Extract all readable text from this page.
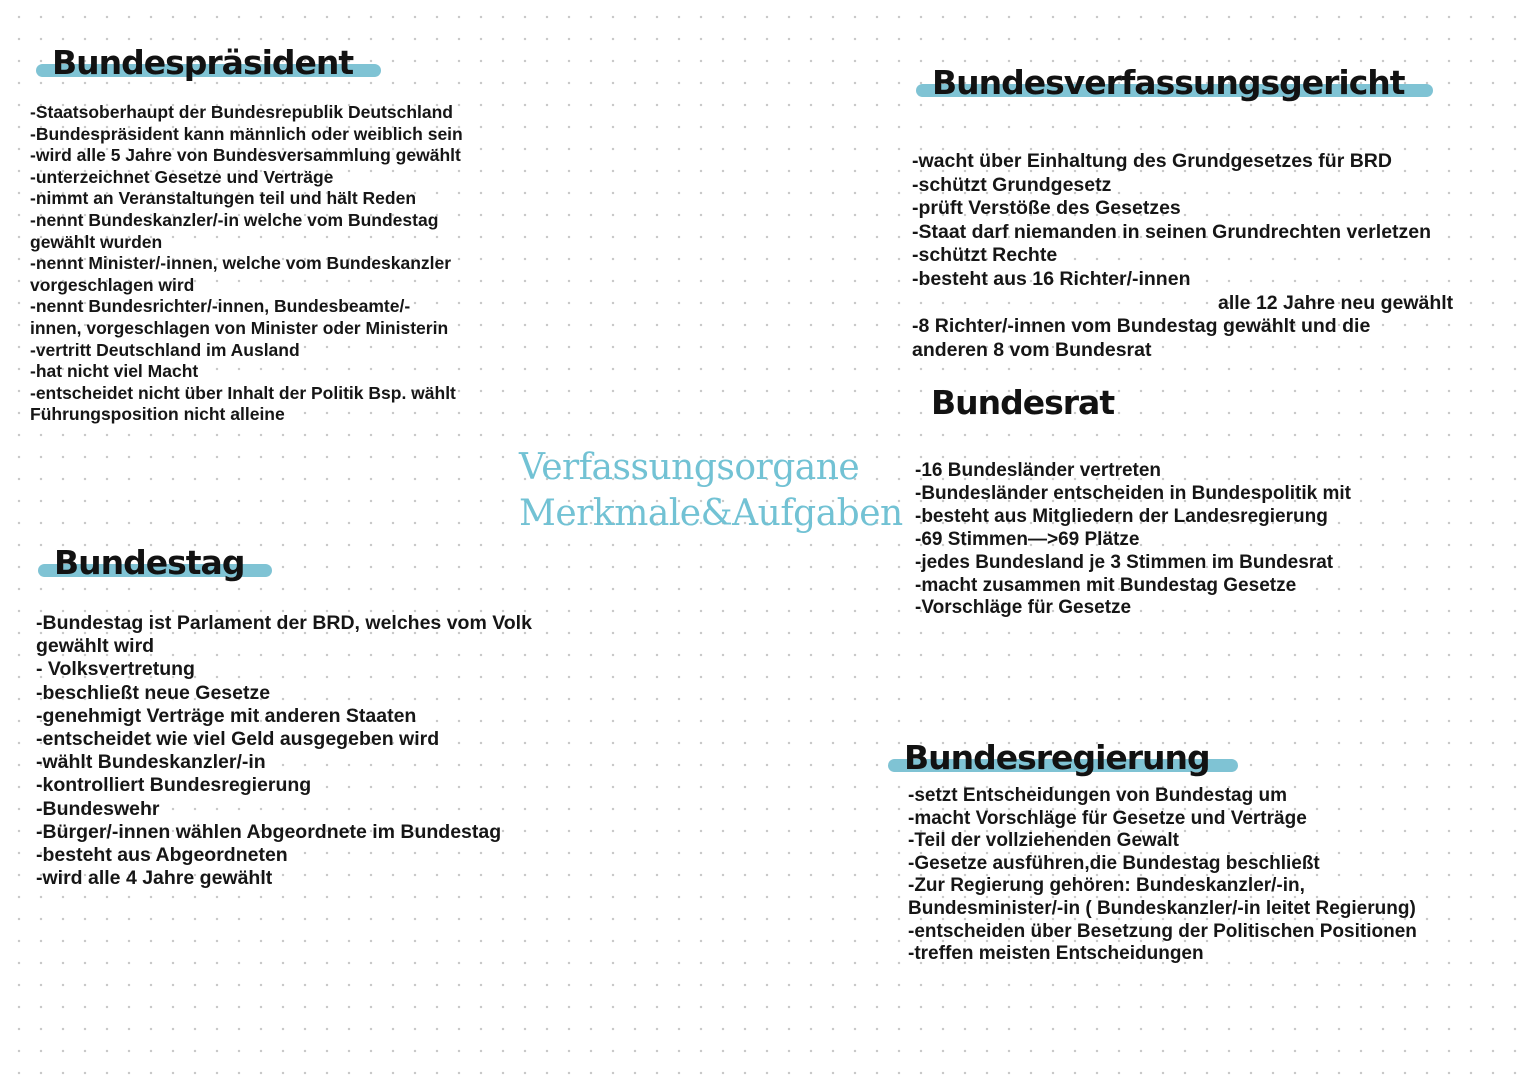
Bundespräsident
-Staatsoberhaupt der Bundesrepublik Deutschland
-Bundespräsident kann männlich oder weiblich sein
-wird alle 5 Jahre von Bundesversammlung gewählt
-unterzeichnet Gesetze und Verträge
-nimmt an Veranstaltungen teil und hält Reden
-nennt Bundeskanzler/-in welche vom Bundestag
gewählt wurden
-nennt Minister/-innen, welche vom Bundeskanzler
vorgeschlagen wird
-nennt Bundesrichter/-innen, Bundesbeamte/-
innen, vorgeschlagen von Minister oder Ministerin
-vertritt Deutschland im Ausland
-hat nicht viel Macht
-entscheidet nicht über Inhalt der Politik Bsp. wählt
Führungsposition nicht alleine
Bundesverfassungsgericht
-wacht über Einhaltung des Grundgesetzes für BRD
-schützt Grundgesetz
-prüft Verstöße des Gesetzes
-Staat darf niemanden in seinen Grundrechten verletzen
-schützt Rechte
-besteht aus 16 Richter/-innen
alle 12 Jahre neu gewählt
-8 Richter/-innen vom Bundestag gewählt und die
anderen 8 vom Bundesrat
Bundesrat
-16 Bundesländer vertreten
-Bundesländer entscheiden in Bundespolitik mit
-besteht aus Mitgliedern der Landesregierung
-69 Stimmen—>69 Plätze
-jedes Bundesland je 3 Stimmen im Bundesrat
-macht zusammen mit Bundestag Gesetze
-Vorschläge für Gesetze
Verfassungsorgane
Merkmale&Aufgaben
Bundestag
-Bundestag ist Parlament der BRD, welches vom Volk
gewählt wird
- Volksvertretung
-beschließt neue Gesetze
-genehmigt Verträge mit anderen Staaten
-entscheidet wie viel Geld ausgegeben wird
-wählt Bundeskanzler/-in
-kontrolliert Bundesregierung
-Bundeswehr
-Bürger/-innen wählen Abgeordnete im Bundestag
-besteht aus Abgeordneten
-wird alle 4 Jahre gewählt
Bundesregierung
-setzt Entscheidungen von Bundestag um
-macht Vorschläge für Gesetze und Verträge
-Teil der vollziehenden Gewalt
-Gesetze ausführen,die Bundestag beschließt
-Zur Regierung gehören: Bundeskanzler/-in,
Bundesminister/-in ( Bundeskanzler/-in leitet Regierung)
-entscheiden über Besetzung der Politischen Positionen
-treffen meisten Entscheidungen
